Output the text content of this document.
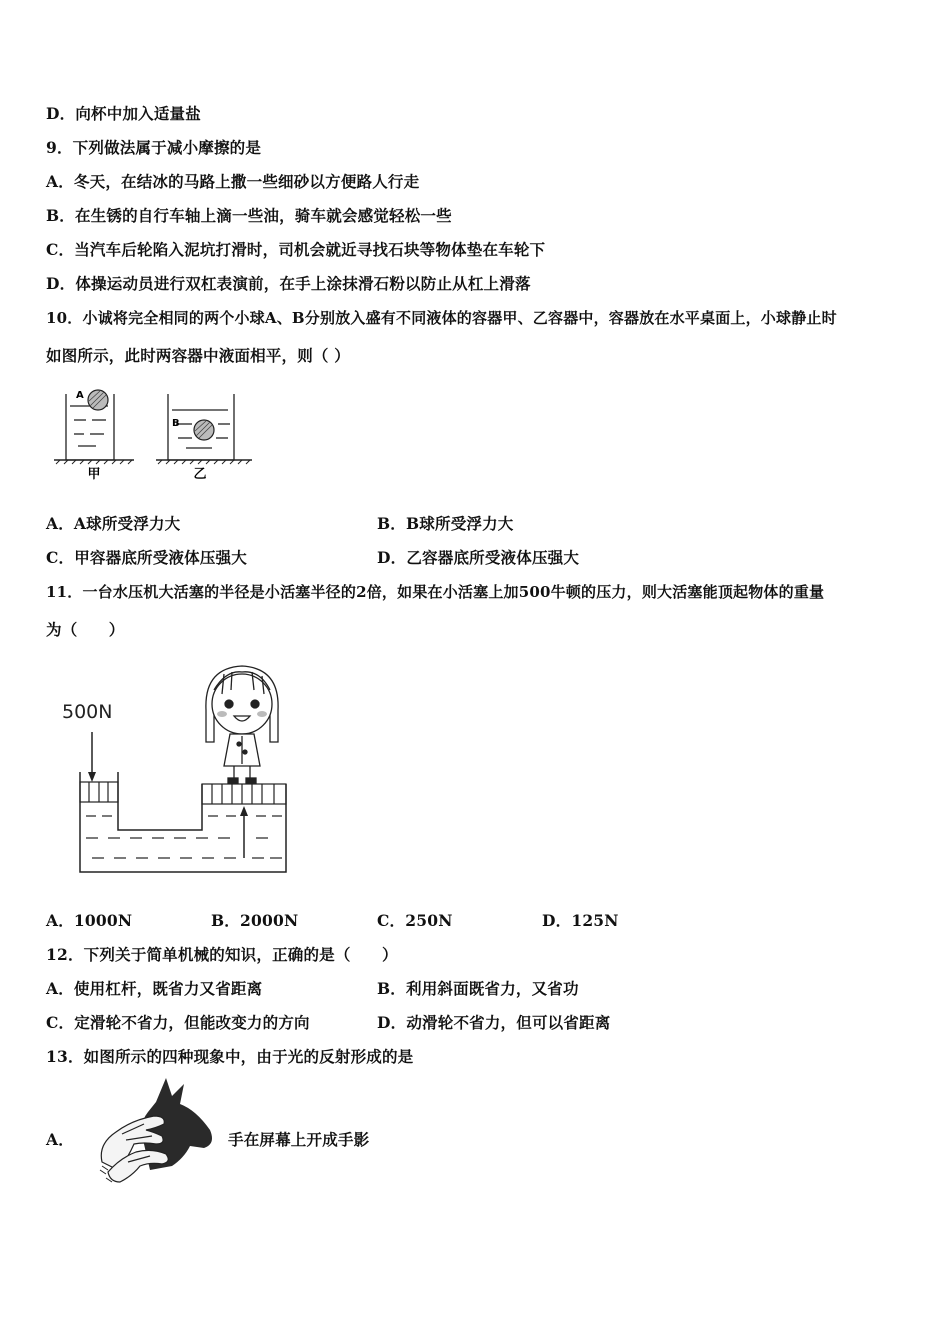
D．向杯中加入适量盐
9．下列做法属于减小摩擦的是
A．冬天，在结冰的马路上撒一些细砂以方便路人行走
B．在生锈的自行车轴上滴一些油，骑车就会感觉轻松一些
C．当汽车后轮陷入泥坑打滑时，司机会就近寻找石块等物体垫在车轮下
D．体操运动员进行双杠表演前，在手上涂抹滑石粉以防止从杠上滑落
10．小诚将完全相同的两个小球A、B分别放入盛有不同液体的容器甲、乙容器中，容器放在水平桌面上，小球静止时
如图所示，此时两容器中液面相平，则（ ）
A
甲
B
乙
A．A球所受浮力大	B．B球所受浮力大
C．甲容器底所受液体压强大	D．乙容器底所受液体压强大
11．一台水压机大活塞的半径是小活塞半径的2倍，如果在小活塞上加500牛顿的压力，则大活塞能顶起物体的重量
为（　　）
500N
A．1000N	B．2000N	C．250N	D．125N
12．下列关于简单机械的知识，正确的是（　　）
A．使用杠杆，既省力又省距离	B．利用斜面既省力，又省功
C．定滑轮不省力，但能改变力的方向	D．动滑轮不省力，但可以省距离
13．如图所示的四种现象中，由于光的反射形成的是
A．	手在屏幕上开成手影
